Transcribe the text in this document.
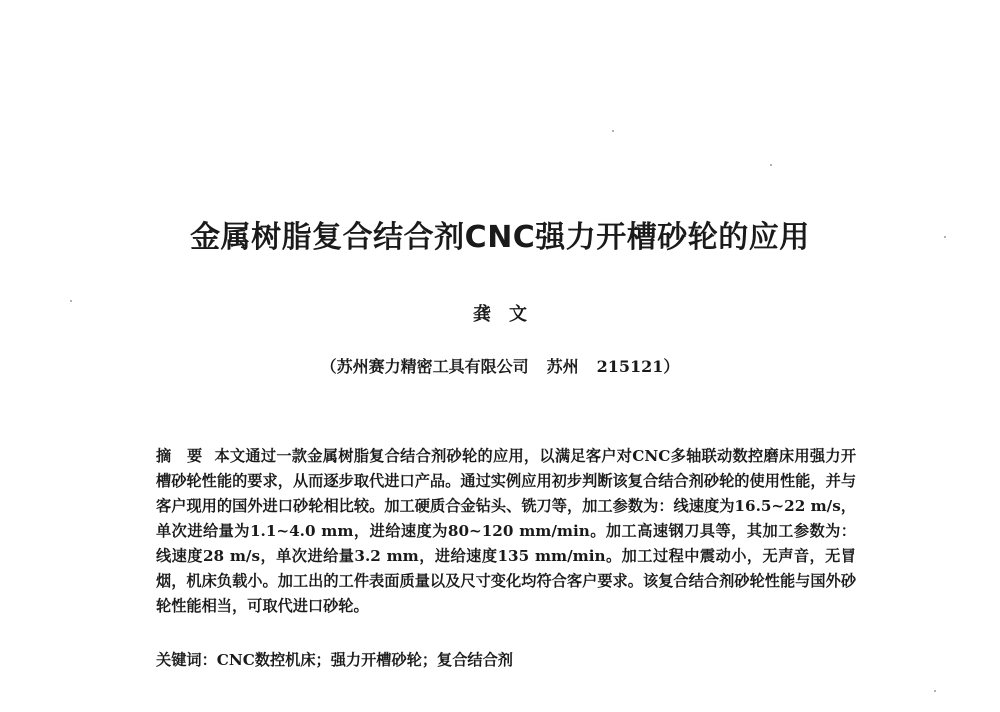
金属树脂复合结合剂CNC强力开槽砂轮的应用
龚文
（苏州赛力精密工具有限公司 苏州 215121）
摘　要 本文通过一款金属树脂复合结合剂砂轮的应用，以满足客户对CNC多轴联动数控磨床用强力开槽砂轮性能的要求，从而逐步取代进口产品。通过实例应用初步判断该复合结合剂砂轮的使用性能，并与客户现用的国外进口砂轮相比较。加工硬质合金钻头、铣刀等，加工参数为：线速度为16.5~22 m/s，单次进给量为1.1~4.0 mm，进给速度为80~120 mm/min。加工高速钢刀具等，其加工参数为：线速度28 m/s，单次进给量3.2 mm，进给速度135 mm/min。加工过程中震动小，无声音，无冒烟，机床负载小。加工出的工件表面质量以及尺寸变化均符合客户要求。该复合结合剂砂轮性能与国外砂轮性能相当，可取代进口砂轮。
关键词：CNC数控机床；强力开槽砂轮；复合结合剂
